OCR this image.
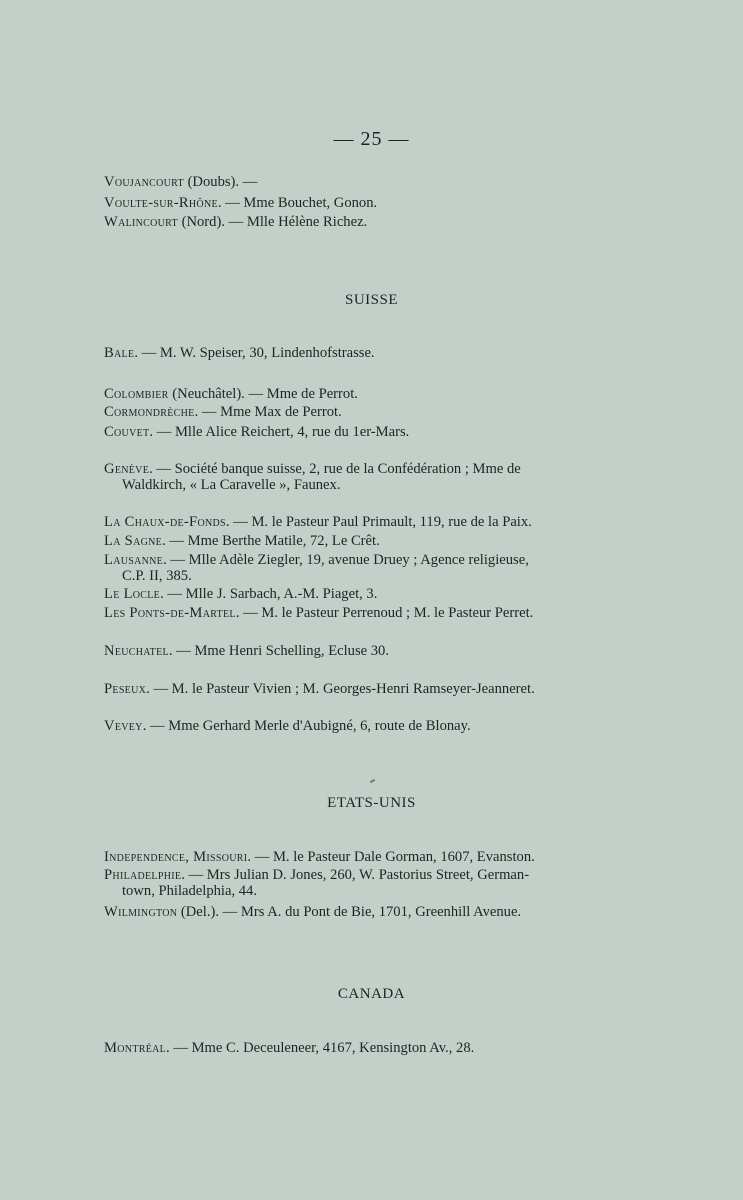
— 25 —
Voujancourt (Doubs). —
Voulte-sur-Rhône. — Mme Bouchet, Gonon.
Walincourt (Nord). — Mlle Hélène Richez.
SUISSE
Bale. — M. W. Speiser, 30, Lindenhofstrasse.
Colombier (Neuchâtel). — Mme de Perrot.
Cormondrèche. — Mme Max de Perrot.
Couvet. — Mlle Alice Reichert, 4, rue du 1er-Mars.
Genève. — Société banque suisse, 2, rue de la Confédération ; Mme de
Waldkirch, « La Caravelle », Faunex.
La Chaux-de-Fonds. — M. le Pasteur Paul Primault, 119, rue de la Paix.
La Sagne. — Mme Berthe Matile, 72, Le Crêt.
Lausanne. — Mlle Adèle Ziegler, 19, avenue Druey ; Agence religieuse,
C.P. II, 385.
Le Locle. — Mlle J. Sarbach, A.-M. Piaget, 3.
Les Ponts-de-Martel. — M. le Pasteur Perrenoud ; M. le Pasteur Perret.
Neuchatel. — Mme Henri Schelling, Ecluse 30.
Peseux. — M. le Pasteur Vivien ; M. Georges-Henri Ramseyer-Jeanneret.
Vevey. — Mme Gerhard Merle d'Aubigné, 6, route de Blonay.
ETATS-UNIS
Independence, Missouri. — M. le Pasteur Dale Gorman, 1607, Evanston.
Philadelphie. — Mrs Julian D. Jones, 260, W. Pastorius Street, German-
town, Philadelphia, 44.
Wilmington (Del.). — Mrs A. du Pont de Bie, 1701, Greenhill Avenue.
CANADA
Montréal. — Mme C. Deceuleneer, 4167, Kensington Av., 28.
